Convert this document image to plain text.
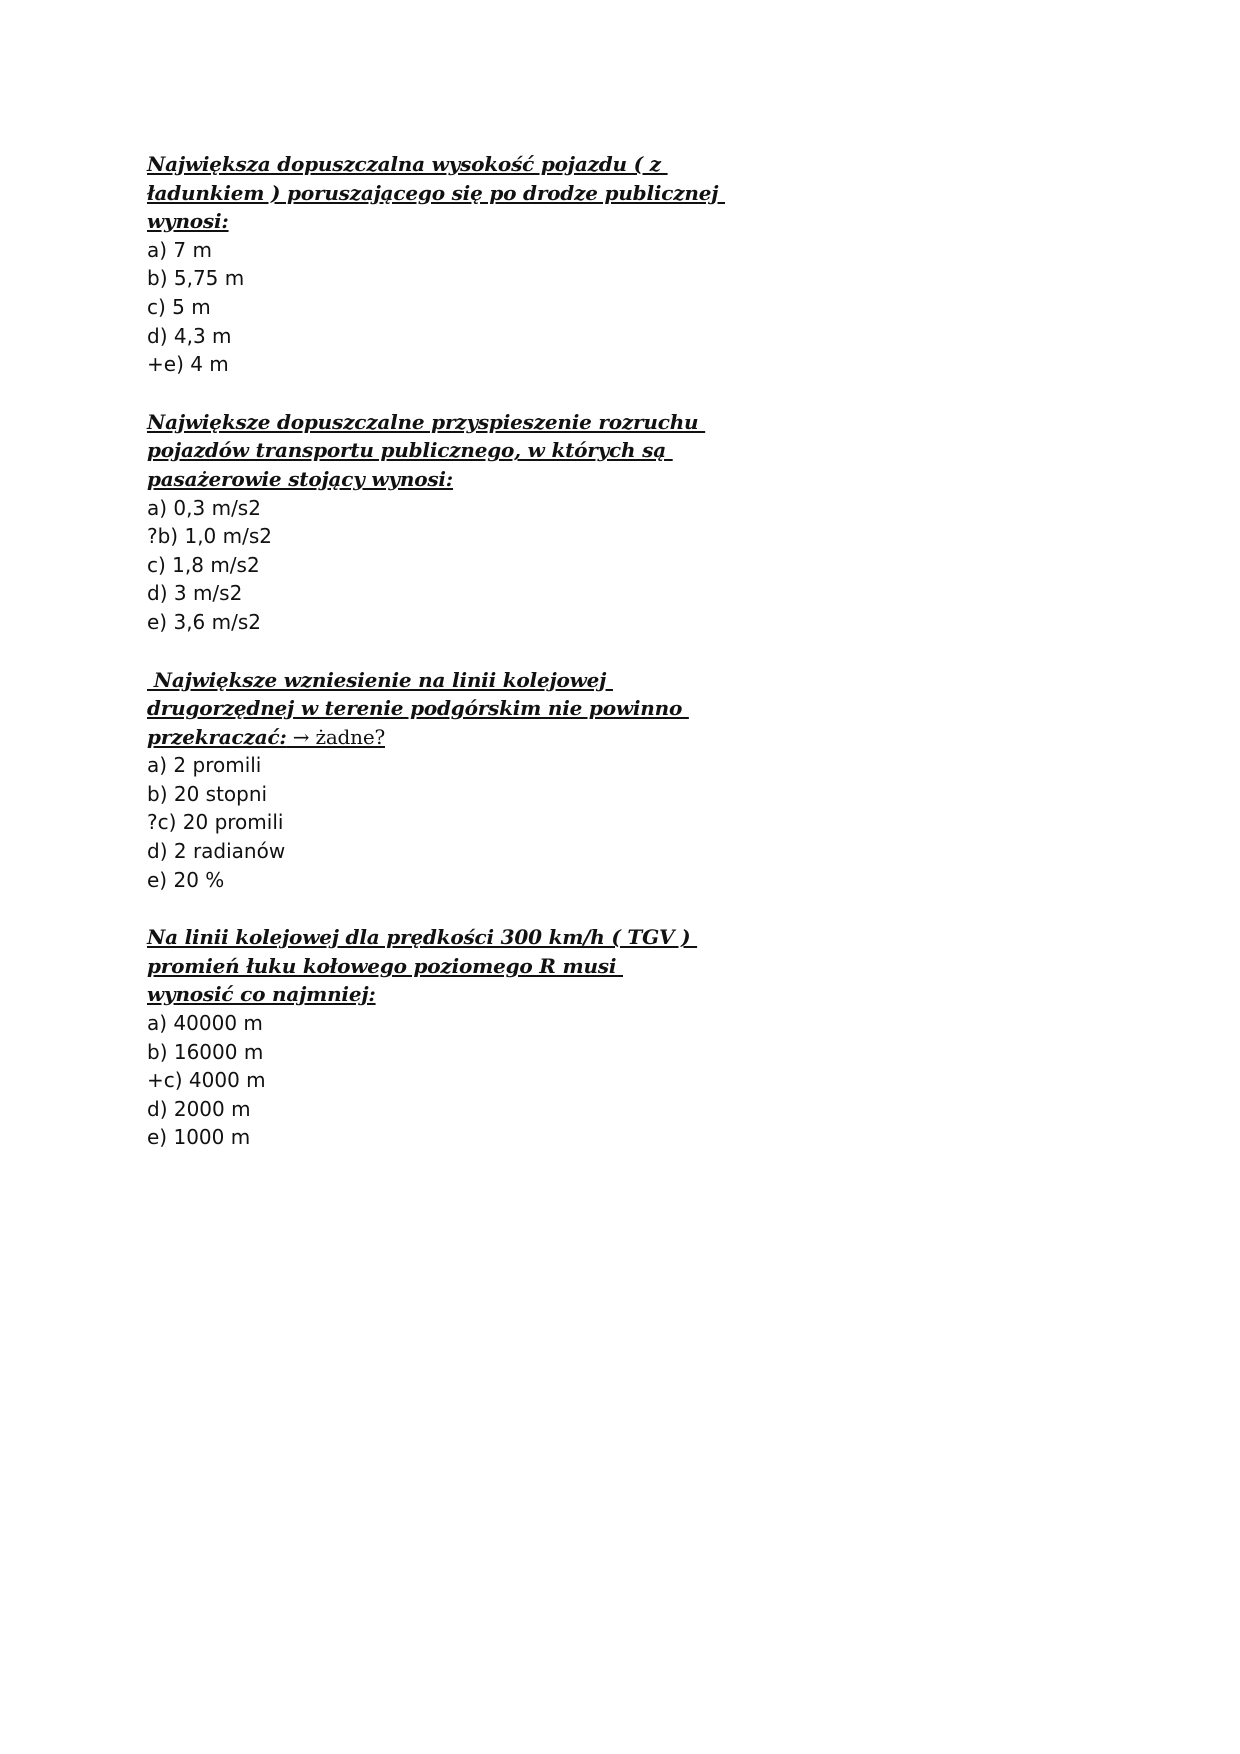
Największa dopuszczalna wysokość pojazdu ( z
ładunkiem ) poruszającego się po drodze publicznej
wynosi:
a) 7 m
b) 5,75 m
c) 5 m
d) 4,3 m
+e) 4 m
Największe dopuszczalne przyspieszenie rozruchu
pojazdów transportu publicznego, w których są
pasażerowie stojący wynosi:
a) 0,3 m/s2
?b) 1,0 m/s2
c) 1,8 m/s2
d) 3 m/s2
e) 3,6 m/s2
Największe wzniesienie na linii kolejowej
drugorzędnej w terenie podgórskim nie powinno
przekraczać: → żadne?
a) 2 promili
b) 20 stopni
?c) 20 promili
d) 2 radianów
e) 20 %
Na linii kolejowej dla prędkości 300 km/h ( TGV )
promień łuku kołowego poziomego R musi
wynosić co najmniej:
a) 40000 m
b) 16000 m
+c) 4000 m
d) 2000 m
e) 1000 m
